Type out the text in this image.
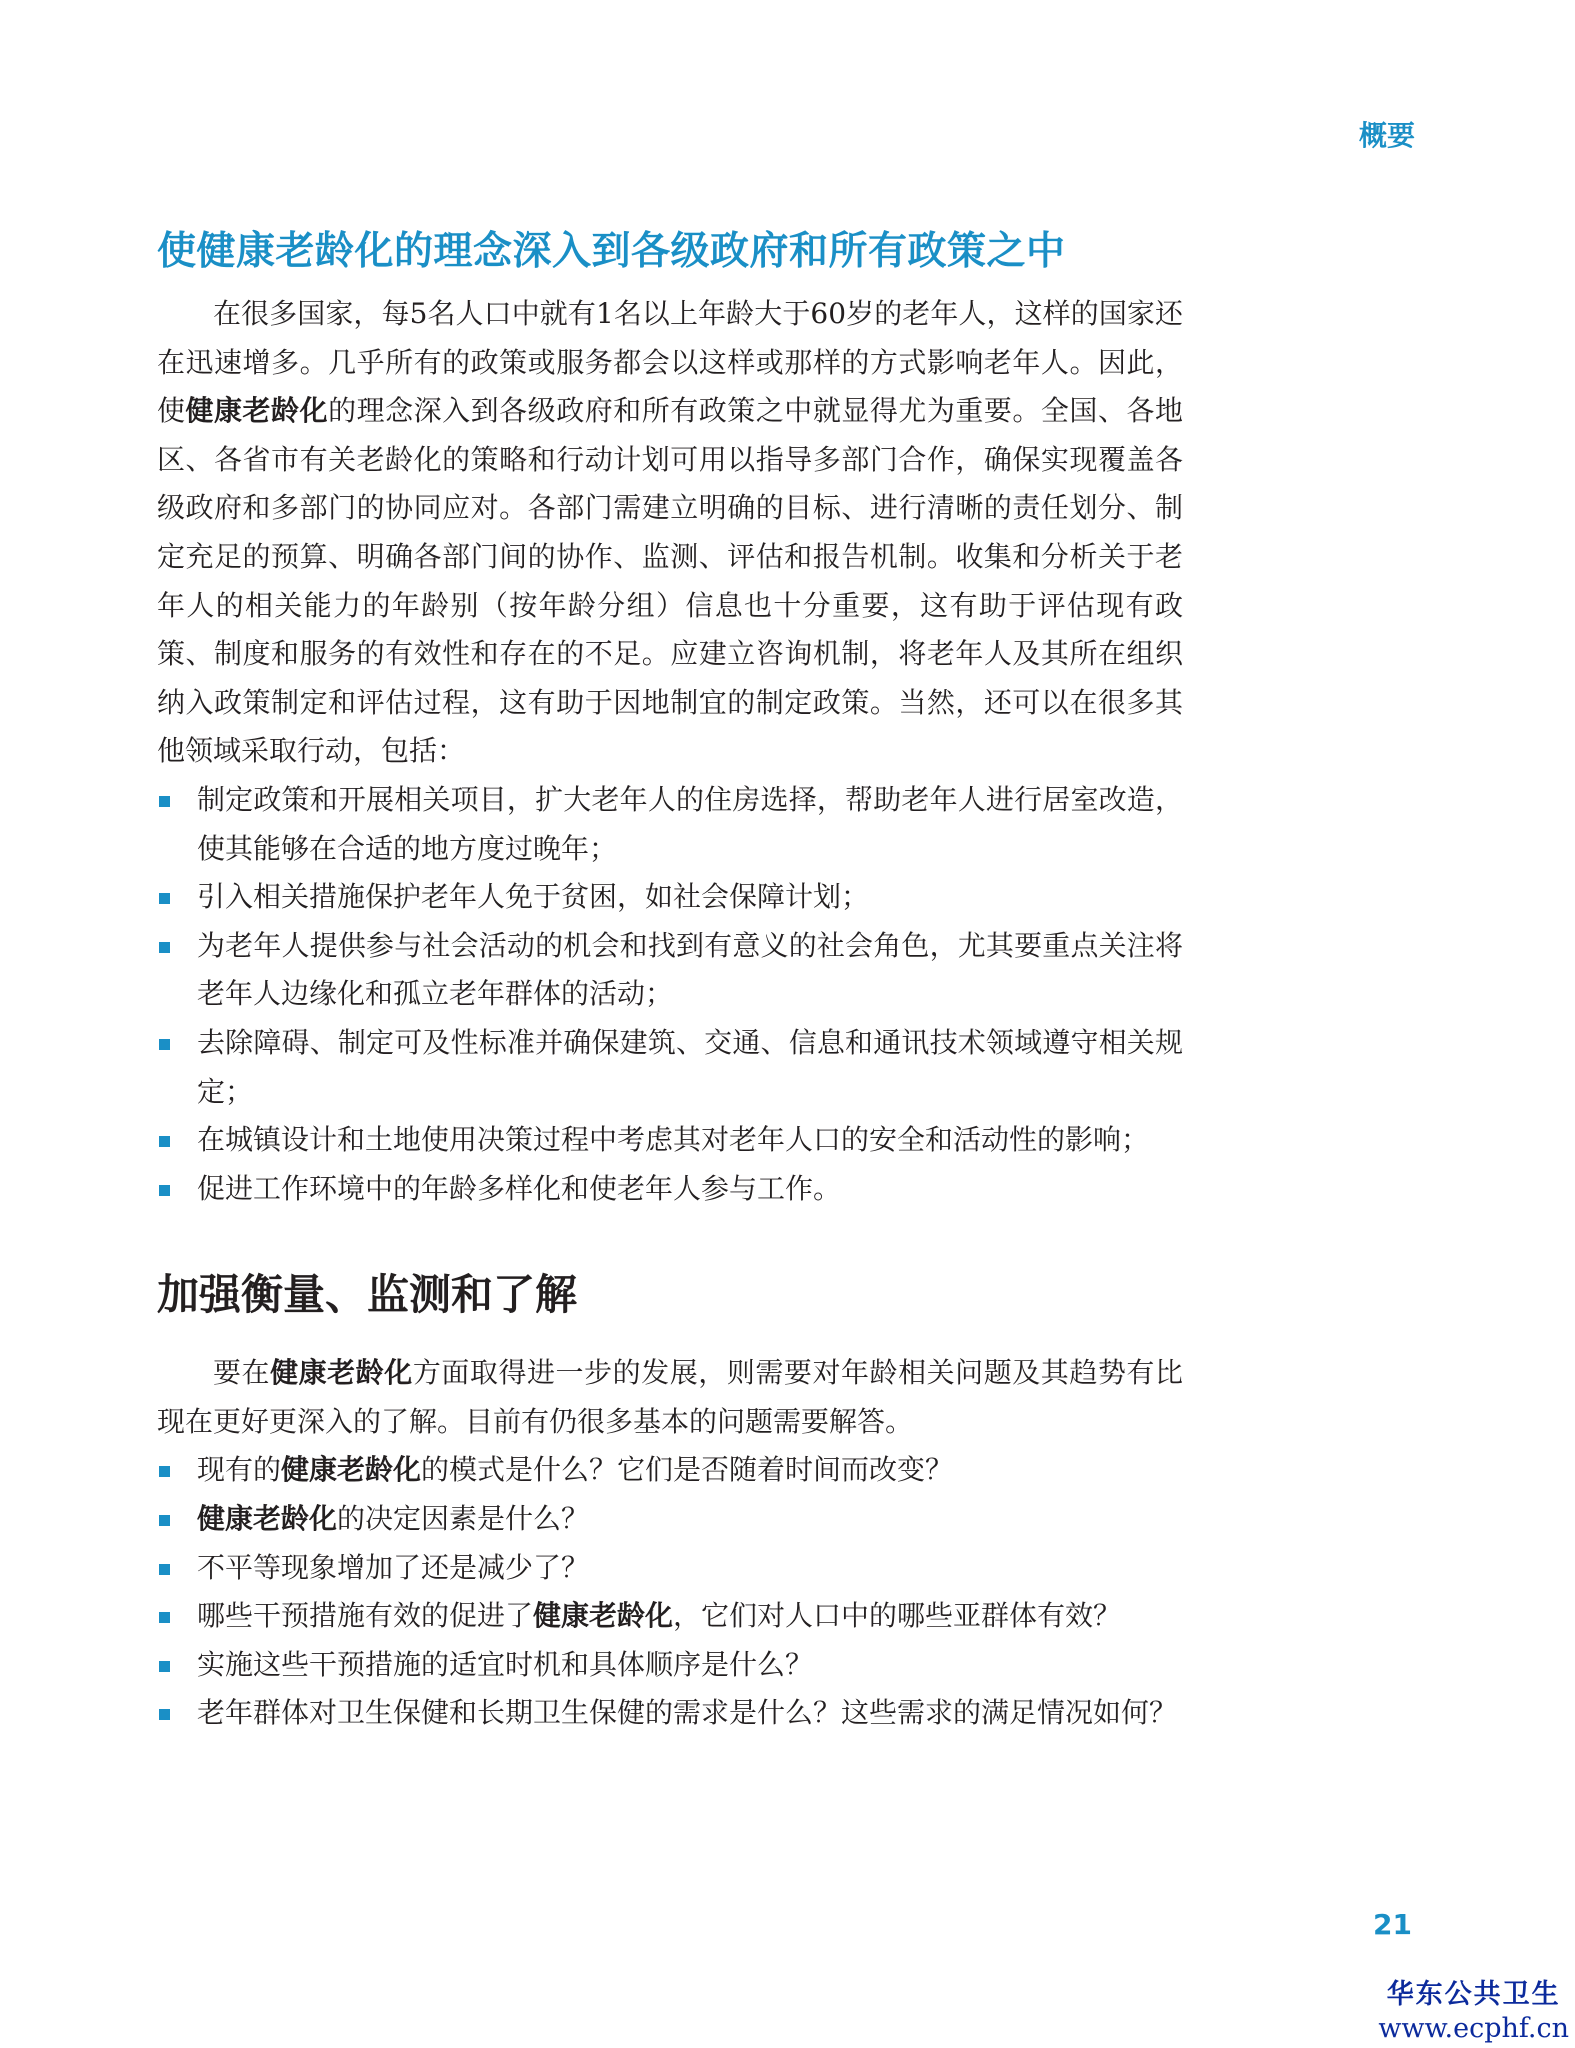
概要
使健康老龄化的理念深入到各级政府和所有政策之中

在很多国家，每5名人口中就有1名以上年龄大于60岁的老年人，这样的国家还在迅速增多。几乎所有的政策或服务都会以这样或那样的方式影响老年人。因此，使健康老龄化的理念深入到各级政府和所有政策之中就显得尤为重要。全国、各地区、各省市有关老龄化的策略和行动计划可用以指导多部门合作，确保实现覆盖各级政府和多部门的协同应对。各部门需建立明确的目标、进行清晰的责任划分、制定充足的预算、明确各部门间的协作、监测、评估和报告机制。收集和分析关于老年人的相关能力的年龄别（按年龄分组）信息也十分重要，这有助于评估现有政策、制度和服务的有效性和存在的不足。应建立咨询机制，将老年人及其所在组织纳入政策制定和评估过程，这有助于因地制宜的制定政策。当然，还可以在很多其他领域采取行动，包括：

制定政策和开展相关项目，扩大老年人的住房选择，帮助老年人进行居室改造，使其能够在合适的地方度过晚年；
引入相关措施保护老年人免于贫困，如社会保障计划；
为老年人提供参与社会活动的机会和找到有意义的社会角色，尤其要重点关注将老年人边缘化和孤立老年群体的活动；
去除障碍、制定可及性标准并确保建筑、交通、信息和通讯技术领域遵守相关规定；
在城镇设计和土地使用决策过程中考虑其对老年人口的安全和活动性的影响；
促进工作环境中的年龄多样化和使老年人参与工作。
加强衡量、监测和了解

要在健康老龄化方面取得进一步的发展，则需要对年龄相关问题及其趋势有比现在更好更深入的了解。目前有仍很多基本的问题需要解答。

现有的健康老龄化的模式是什么？它们是否随着时间而改变？
健康老龄化的决定因素是什么？
不平等现象增加了还是减少了？
哪些干预措施有效的促进了健康老龄化，它们对人口中的哪些亚群体有效？
实施这些干预措施的适宜时机和具体顺序是什么？
老年群体对卫生保健和长期卫生保健的需求是什么？这些需求的满足情况如何？
21
华东公共卫生
www.ecphf.cn
